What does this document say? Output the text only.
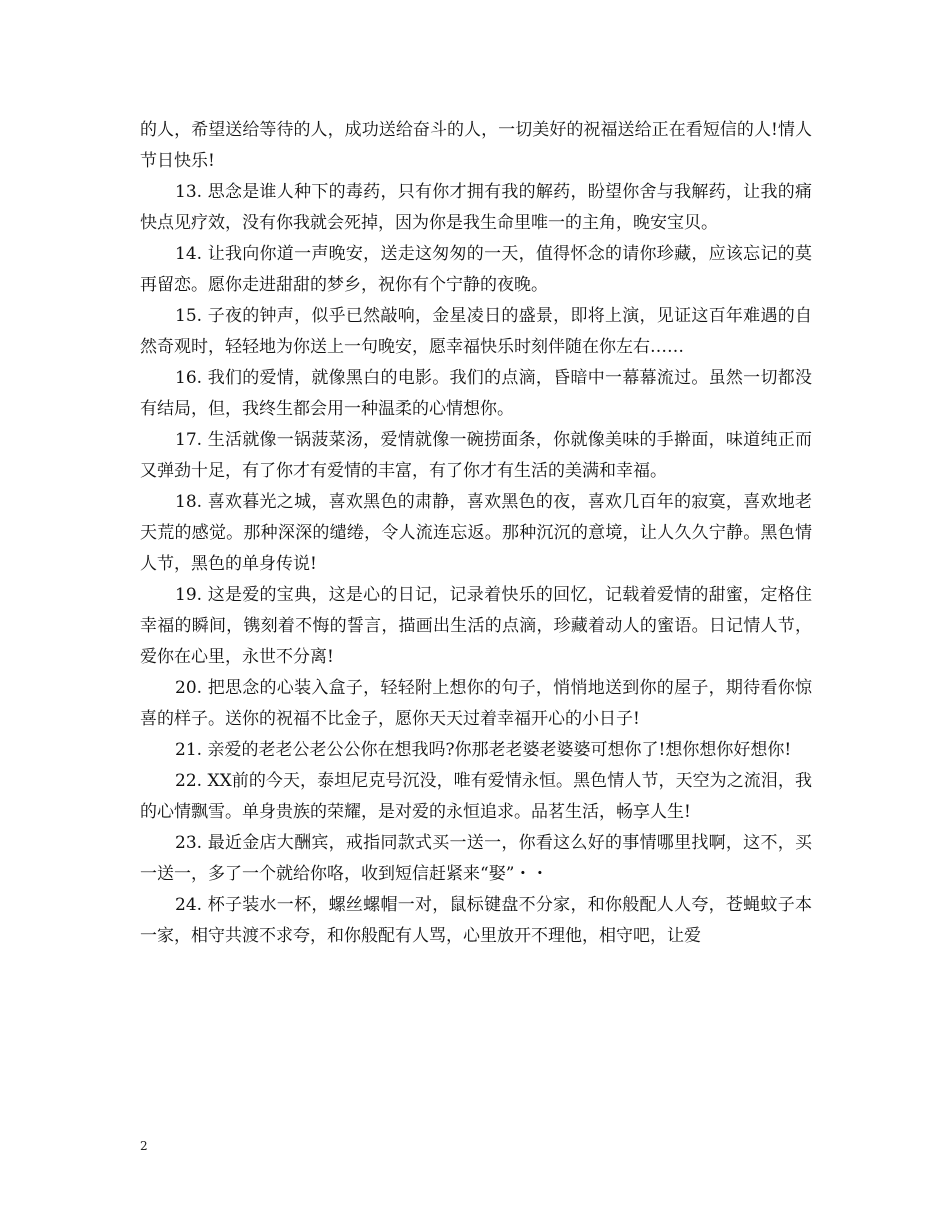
的人，希望送给等待的人，成功送给奋斗的人，一切美好的祝福送给正在看短信的人!情人节日快乐!

13. 思念是谁人种下的毒药，只有你才拥有我的解药，盼望你舍与我解药，让我的痛快点见疗效，没有你我就会死掉，因为你是我生命里唯一的主角，晚安宝贝。

14. 让我向你道一声晚安，送走这匆匆的一天，值得怀念的请你珍藏，应该忘记的莫再留恋。愿你走进甜甜的梦乡，祝你有个宁静的夜晚。

15. 子夜的钟声，似乎已然敲响，金星凌日的盛景，即将上演，见证这百年难遇的自然奇观时，轻轻地为你送上一句晚安，愿幸福快乐时刻伴随在你左右……

16. 我们的爱情，就像黑白的电影。我们的点滴，昏暗中一幕幕流过。虽然一切都没有结局，但，我终生都会用一种温柔的心情想你。

17. 生活就像一锅菠菜汤，爱情就像一碗捞面条，你就像美味的手擀面，味道纯正而又弹劲十足，有了你才有爱情的丰富，有了你才有生活的美满和幸福。

18. 喜欢暮光之城，喜欢黑色的肃静，喜欢黑色的夜，喜欢几百年的寂寞，喜欢地老天荒的感觉。那种深深的缱绻，令人流连忘返。那种沉沉的意境，让人久久宁静。黑色情人节，黑色的单身传说!

19. 这是爱的宝典，这是心的日记，记录着快乐的回忆，记载着爱情的甜蜜，定格住幸福的瞬间，镌刻着不悔的誓言，描画出生活的点滴，珍藏着动人的蜜语。日记情人节，爱你在心里，永世不分离!

20. 把思念的心装入盒子，轻轻附上想你的句子，悄悄地送到你的屋子，期待看你惊喜的样子。送你的祝福不比金子，愿你天天过着幸福开心的小日子!

21. 亲爱的老老公老公公你在想我吗?你那老老婆老婆婆可想你了!想你想你好想你!

22. XX前的今天，泰坦尼克号沉没，唯有爱情永恒。黑色情人节，天空为之流泪，我的心情飘雪。单身贵族的荣耀，是对爱的永恒追求。品茗生活，畅享人生!

23. 最近金店大酬宾，戒指同款式买一送一，你看这么好的事情哪里找啊，这不，买一送一，多了一个就给你咯，收到短信赶紧来“娶”・・

24. 杯子装水一杯，螺丝螺帽一对，鼠标键盘不分家，和你般配人人夸，苍蝇蚊子本一家，相守共渡不求夸，和你般配有人骂，心里放开不理他，相守吧，让爱

2
